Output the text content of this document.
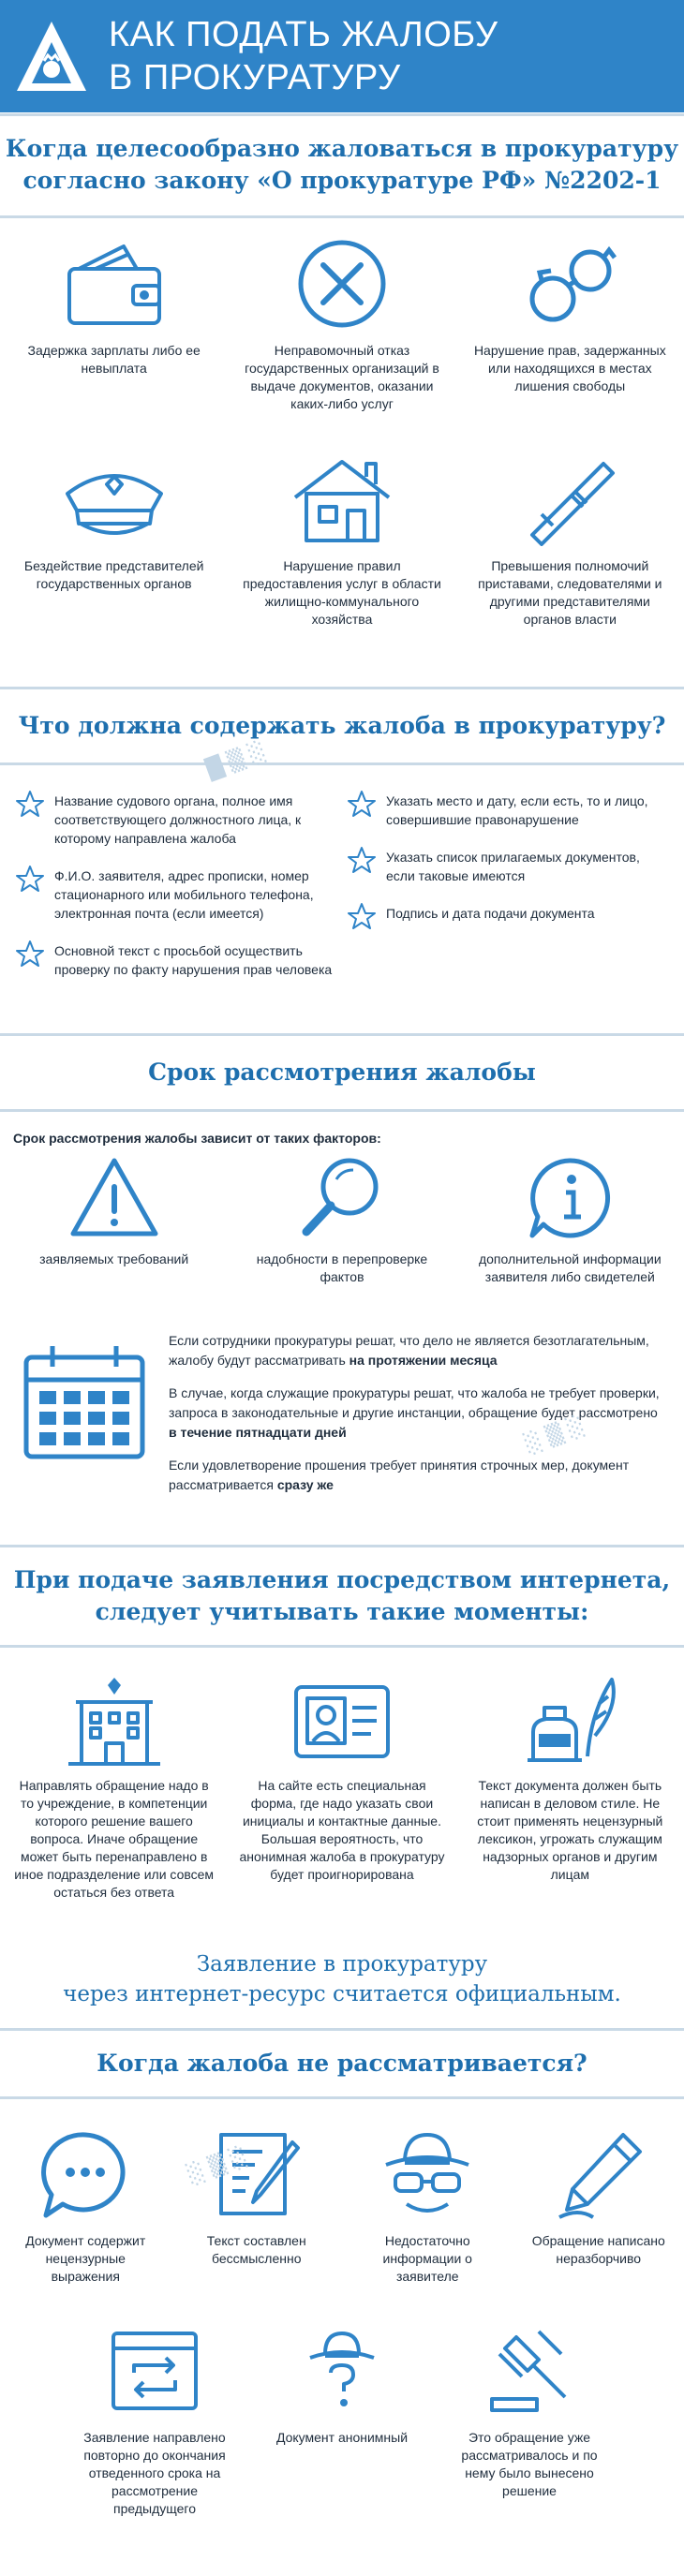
КАК ПОДАТЬ ЖАЛОБУ
В ПРОКУРАТУРУ
Когда целесообразно жаловаться в прокуратуру
согласно закону «О прокуратуре РФ» №2202-1
Задержка зарплаты либо ее невыплата
Неправомочный отказ государственных организаций в выдаче документов, оказании каких-либо услуг
Нарушение прав, задержанных или находящихся в местах лишения свободы
Бездействие представителей государственных органов
Нарушение правил предоставления услуг в области жилищно-коммунального хозяйства
Превышения полномочий приставами, следователями и другими представителями органов власти
Что должна содержать жалоба в прокуратуру?
Название судового органа, полное имя соответствующего должностного лица, к которому направлена жалоба
Ф.И.О. заявителя, адрес прописки, номер стационарного или мобильного телефона, электронная почта (если имеется)
Основной текст с просьбой осуществить проверку по факту нарушения прав человека
Указать место и дату, если есть, то и лицо, совершившие правонарушение
Указать список прилагаемых документов, если таковые имеются
Подпись и дата подачи документа
Срок рассмотрения жалобы
Срок рассмотрения жалобы зависит от таких факторов:
заявляемых требований	надобности в перепроверке фактов
дополнительной информации заявителя либо свидетелей

Если сотрудники прокуратуры решат, что дело не является безотлагательным, жалобу будут рассматривать на протяжении месяца

В случае, когда служащие прокуратуры решат, что жалоба не требует проверки, запроса в законодательные и другие инстанции, обращение будет рассмотрено в течение пятнадцати дней

Если удовлетворение прошения требует принятия строчных мер, документ рассматривается сразу же

При подаче заявления посредством интернета,
следует учитывать такие моменты:
Направлять обращение надо в то учреждение, в компетенции которого решение вашего вопроса. Иначе обращение может быть перенаправлено в иное подразделение или совсем остаться без ответа
На сайте есть специальная форма, где надо указать свои инициалы и контактные данные. Большая вероятность, что анонимная жалоба в прокуратуру будет проигнорирована
Текст документа должен быть написан в деловом стиле. Не стоит применять нецензурный лексикон, угрожать служащим надзорных органов и другим лицам
Заявление в прокуратуру
через интернет-ресурс считается официальным.
Когда жалоба не рассматривается?
Документ содержит нецензурные выражения
Текст составлен бессмысленно
Недостаточно информации о заявителе
Обращение написано неразборчиво
Заявление направлено повторно до окончания отведенного срока на рассмотрение предыдущего
Документ анонимный	Это обращение уже рассматривалось и по нему было вынесено решение
█ ▒ ░
░ ▒ ░
░ ▒ ░
